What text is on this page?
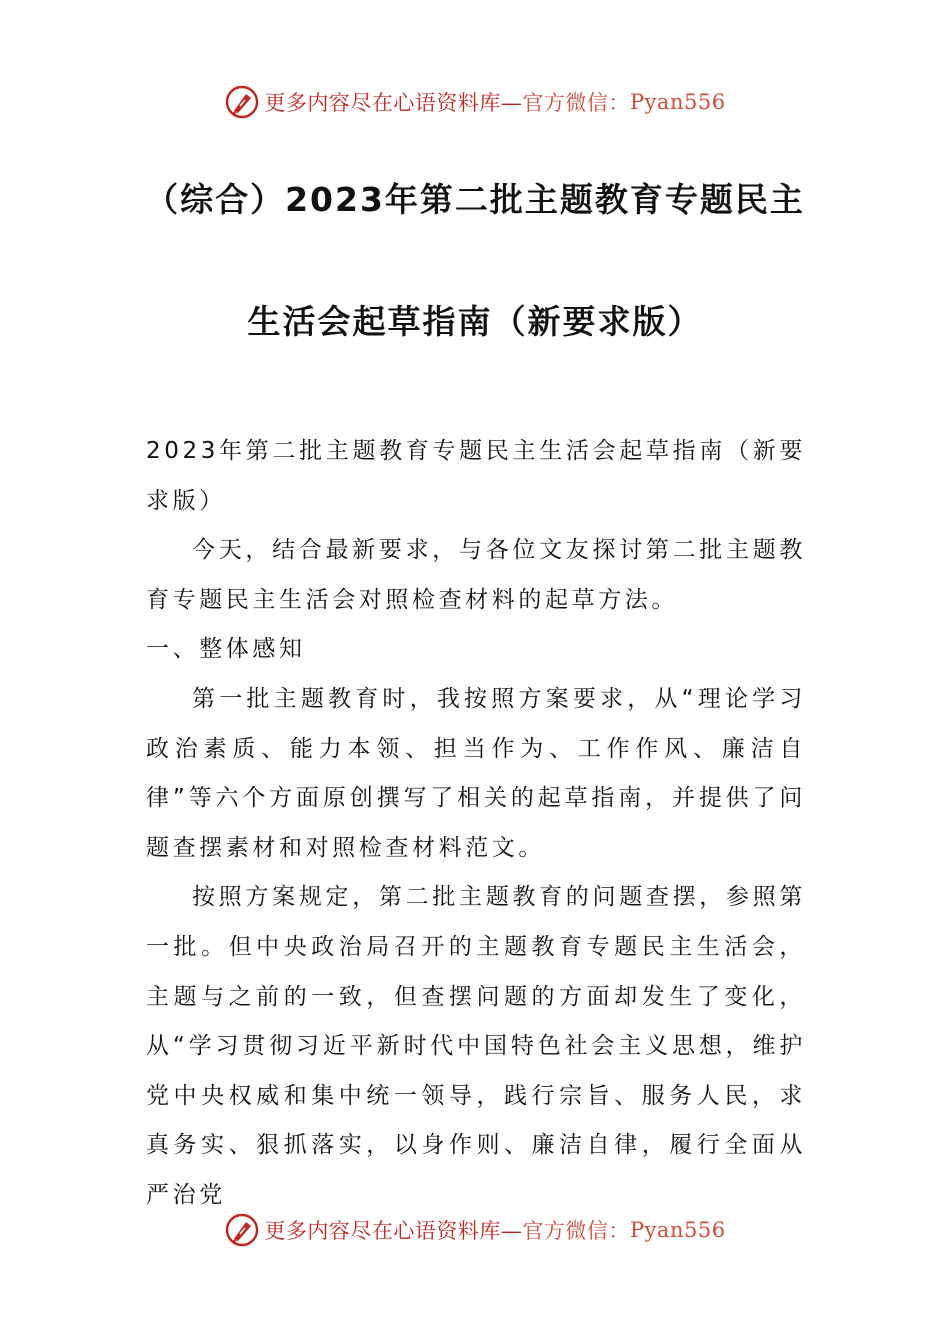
更多内容尽在心语资料库— 官方微信： Pyan556
（综合）2023年第二批主题教育专题民主
生活会起草指南（新要求版）

2023年第二批主题教育专题民主生活会起草指南（新要求版）

今天，结合最新要求，与各位文友探讨第二批主题教育专题民主生活会对照检查材料的起草方法。

一、整体感知

第一批主题教育时，我按照方案要求，从“理论学习政治素质、能力本领、担当作为、工作作风、廉洁自律”等六个方面原创撰写了相关的起草指南，并提供了问题查摆素材和对照检查材料范文。

按照方案规定，第二批主题教育的问题查摆，参照第一批。但中央政治局召开的主题教育专题民主生活会，主题与之前的一致，但查摆问题的方面却发生了变化，从“学习贯彻习近平新时代中国特色社会主义思想，维护党中央权威和集中统一领导，践行宗旨、服务人民，求真务实、狠抓落实，以身作则、廉洁自律，履行全面从严治党

更多内容尽在心语资料库— 官方微信： Pyan556
